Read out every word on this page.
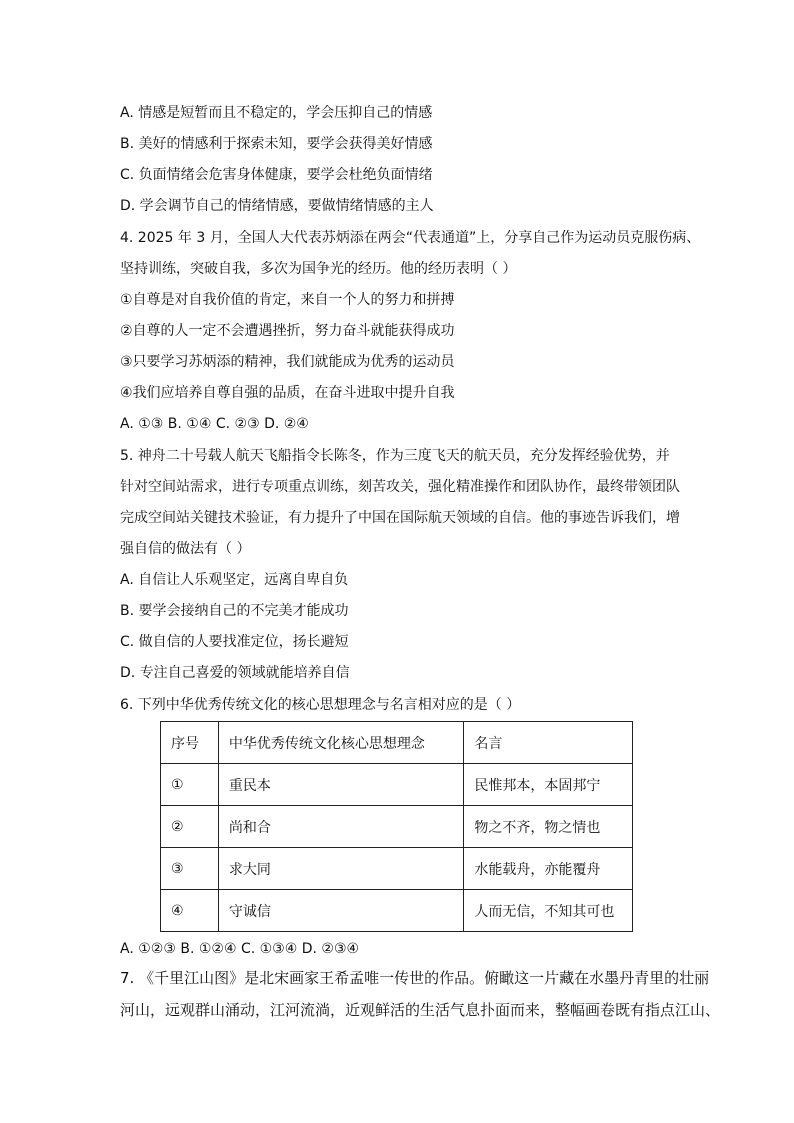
A. 情感是短暂而且不稳定的，学会压抑自己的情感
B. 美好的情感利于探索未知，要学会获得美好情感
C. 负面情绪会危害身体健康，要学会杜绝负面情绪
D. 学会调节自己的情绪情感，要做情绪情感的主人
4. 2025 年 3 月，全国人大代表苏炳添在两会“代表通道”上，分享自己作为运动员克服伤病、
坚持训练，突破自我，多次为国争光的经历。他的经历表明（ ）
①自尊是对自我价值的肯定，来自一个人的努力和拼搏
②自尊的人一定不会遭遇挫折，努力奋斗就能获得成功
③只要学习苏炳添的精神，我们就能成为优秀的运动员
④我们应培养自尊自强的品质，在奋斗进取中提升自我
A. ①③ B. ①④ C. ②③ D. ②④
5. 神舟二十号载人航天飞船指令长陈冬，作为三度飞天的航天员，充分发挥经验优势，并
针对空间站需求，进行专项重点训练，刻苦攻关，强化精准操作和团队协作，最终带领团队
完成空间站关键技术验证，有力提升了中国在国际航天领域的自信。他的事迹告诉我们，增
强自信的做法有（ ）
A. 自信让人乐观坚定，远离自卑自负
B. 要学会接纳自己的不完美才能成功
C. 做自信的人要找准定位，扬长避短
D. 专注自己喜爱的领域就能培养自信
6. 下列中华优秀传统文化的核心思想理念与名言相对应的是（ ）
序号	中华优秀传统文化核心思想理念	名言
①	重民本	民惟邦本，本固邦宁
②	尚和合	物之不齐，物之情也
③	求大同	水能载舟，亦能覆舟
④	守诚信	人而无信，不知其可也
A. ①②③ B. ①②④ C. ①③④ D. ②③④
7. 《千里江山图》是北宋画家王希孟唯一传世的作品。俯瞰这一片藏在水墨丹青里的壮丽
河山，远观群山涌动，江河流淌，近观鲜活的生活气息扑面而来，整幅画卷既有指点江山、
